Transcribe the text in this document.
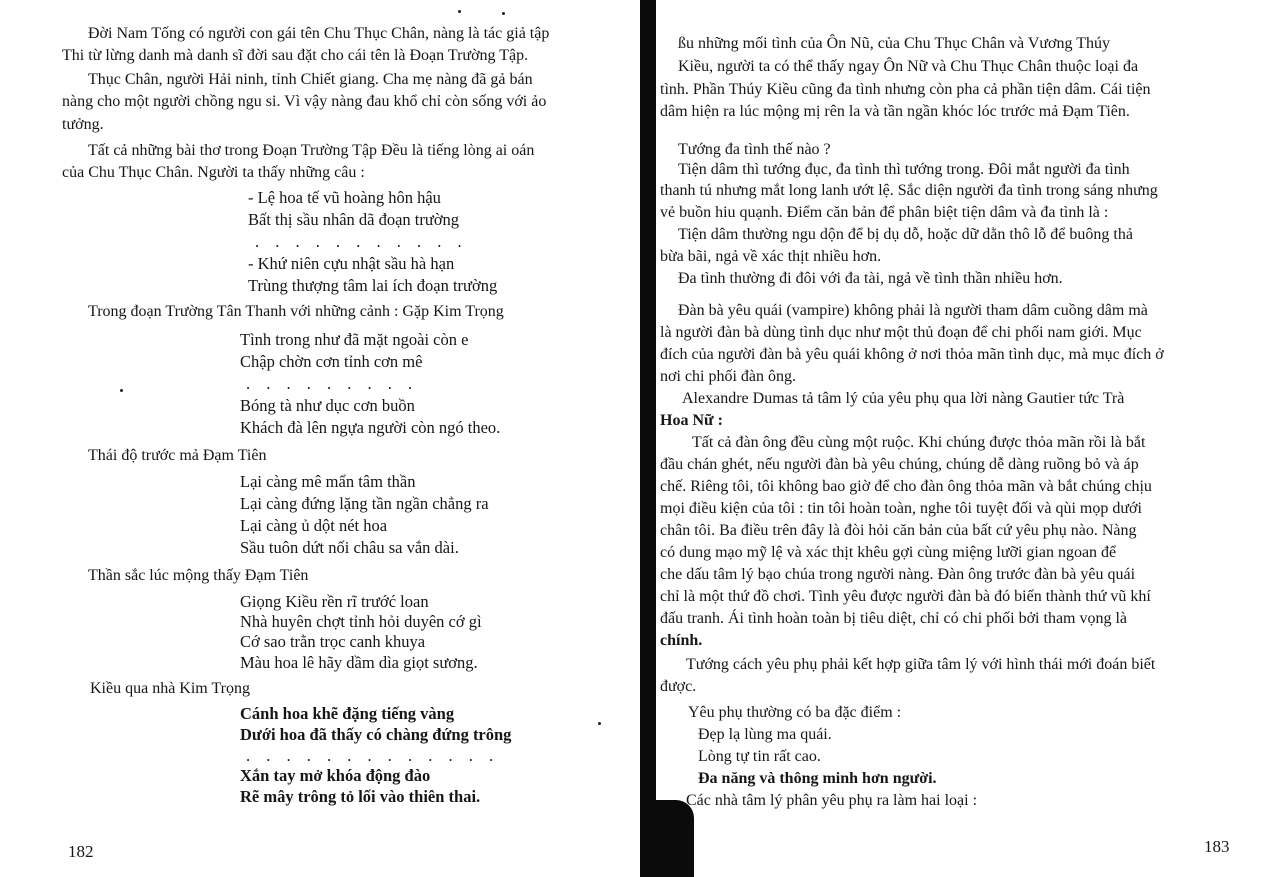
Đời Nam Tống có người con gái tên Chu Thục Chân, nàng là tác giả tập
Thi từ lừng danh mà danh sĩ đời sau đặt cho cái tên là Đoạn Trường Tập.
Thục Chân, người Hải ninh, tỉnh Chiết giang. Cha mẹ nàng đã gả bán
nàng cho một người chồng ngu si. Vì vậy nàng đau khổ chỉ còn sống với ảo
tưởng.
Tất cả những bài thơ trong Đoạn Trường Tập Đều là tiếng lòng ai oán
của Chu Thục Chân. Người ta thấy những câu :
- Lệ hoa tế vũ hoàng hôn hậu
Bất thị sầu nhân dã đoạn trường
. . . . . . . . . . .
- Khứ niên cựu nhật sầu hà hạn
Trùng thượng tâm lai ích đoạn trường
Trong đoạn Trường Tân Thanh với những cảnh : Gặp Kim Trọng
Tình trong như đã mặt ngoài còn e
Chập chờn cơn tỉnh cơn mê
. . . . . . . . .
Bóng tà như dục cơn buồn
Khách đà lên ngựa người còn ngó theo.
Thái độ trước mả Đạm Tiên
Lại càng mê mẩn tâm thần
Lại càng đứng lặng tần ngần chẳng ra
Lại càng ủ dột nét hoa
Sầu tuôn dứt nối châu sa vắn dài.
Thần sắc lúc mộng thấy Đạm Tiên
Giọng Kiều rền rĩ trướć loan
Nhà huyên chợt tỉnh hỏi duyên cớ gì
Cớ sao trằn trọc canh khuya
Màu hoa lê hãy dầm dìa giọt sương.
Kiều qua nhà Kim Trọng
Cánh hoa khẽ đặng tiếng vàng
Dưới hoa đã thấy có chàng đứng trông
. . . . . . . . . . . . .
Xắn tay mở khóa động đào
Rẽ mây trông tỏ lối vào thiên thai.
182
ßu những mối tình của Ôn Nũ, của Chu Thục Chân và Vương Thúy
Kiều, người ta có thể thấy ngay Ôn Nữ và Chu Thục Chân thuộc loại đa
tình. Phần Thúy Kiều cũng đa tình nhưng còn pha cả phần tiện dâm. Cái tiện
dâm hiện ra lúc mộng mị rên la và tần ngần khóc lóc trước mả Đạm Tiên.
Tướng đa tình thế nào ?
Tiện dâm thì tướng đục, đa tình thì tướng trong. Đôi mắt người đa tình
thanh tú nhưng mắt long lanh ướt lệ. Sắc diện người đa tình trong sáng nhưng
vẻ buồn hiu quạnh. Điểm căn bản để phân biệt tiện dâm và đa tình là :
Tiện dâm thường ngu dộn để bị dụ dỗ, hoặc dữ dằn thô lỗ để buông thả
bừa bãi, ngả về xác thịt nhiều hơn.
Đa tình thường đi đôi với đa tài, ngả về tình thần nhiều hơn.
Đàn bà yêu quái (vampire) không phải là người tham dâm cuồng dâm mà
là người đàn bà dùng tình dục như một thủ đoạn để chi phối nam giới. Mục
đích của người đàn bà yêu quái không ở nơi thỏa mãn tình dục, mà mục đích ở
nơi chi phối đàn ông.
Alexandre Dumas tả tâm lý của yêu phụ qua lời nàng Gautier tức Trà
Hoa Nữ :
Tất cả đàn ông đều cùng một ruộc. Khi chúng được thỏa mãn rồi là bắt
đầu chán ghét, nếu người đàn bà yêu chúng, chúng dễ dàng ruồng bỏ và áp
chế. Riêng tôi, tôi không bao giờ để cho đàn ông thỏa mãn và bắt chúng chịu
mọi điều kiện của tôi : tin tôi hoàn toàn, nghe tôi tuyệt đối và qùi mọp dưới
chân tôi. Ba điều trên đây là đòi hỏi căn bản của bất cứ yêu phụ nào. Nàng
có dung mạo mỹ lệ và xác thịt khêu gợi cùng miệng lưỡi gian ngoan để
che dấu tâm lý bạo chúa trong người nàng. Đàn ông trước đàn bà yêu quái
chỉ là một thứ đồ chơi. Tình yêu được người đàn bà đó biến thành thứ vũ khí
đấu tranh. Ái tình hoàn toàn bị tiêu diệt, chỉ có chi phối bởi tham vọng là
chính.
Tướng cách yêu phụ phải kết hợp giữa tâm lý với hình thái mới đoán biết
được.
Yêu phụ thường có ba đặc điểm :
Đẹp lạ lùng ma quái.
Lòng tự tin rất cao.
Đa năng và thông minh hơn người.
Các nhà tâm lý phân yêu phụ ra làm hai loại :
183
